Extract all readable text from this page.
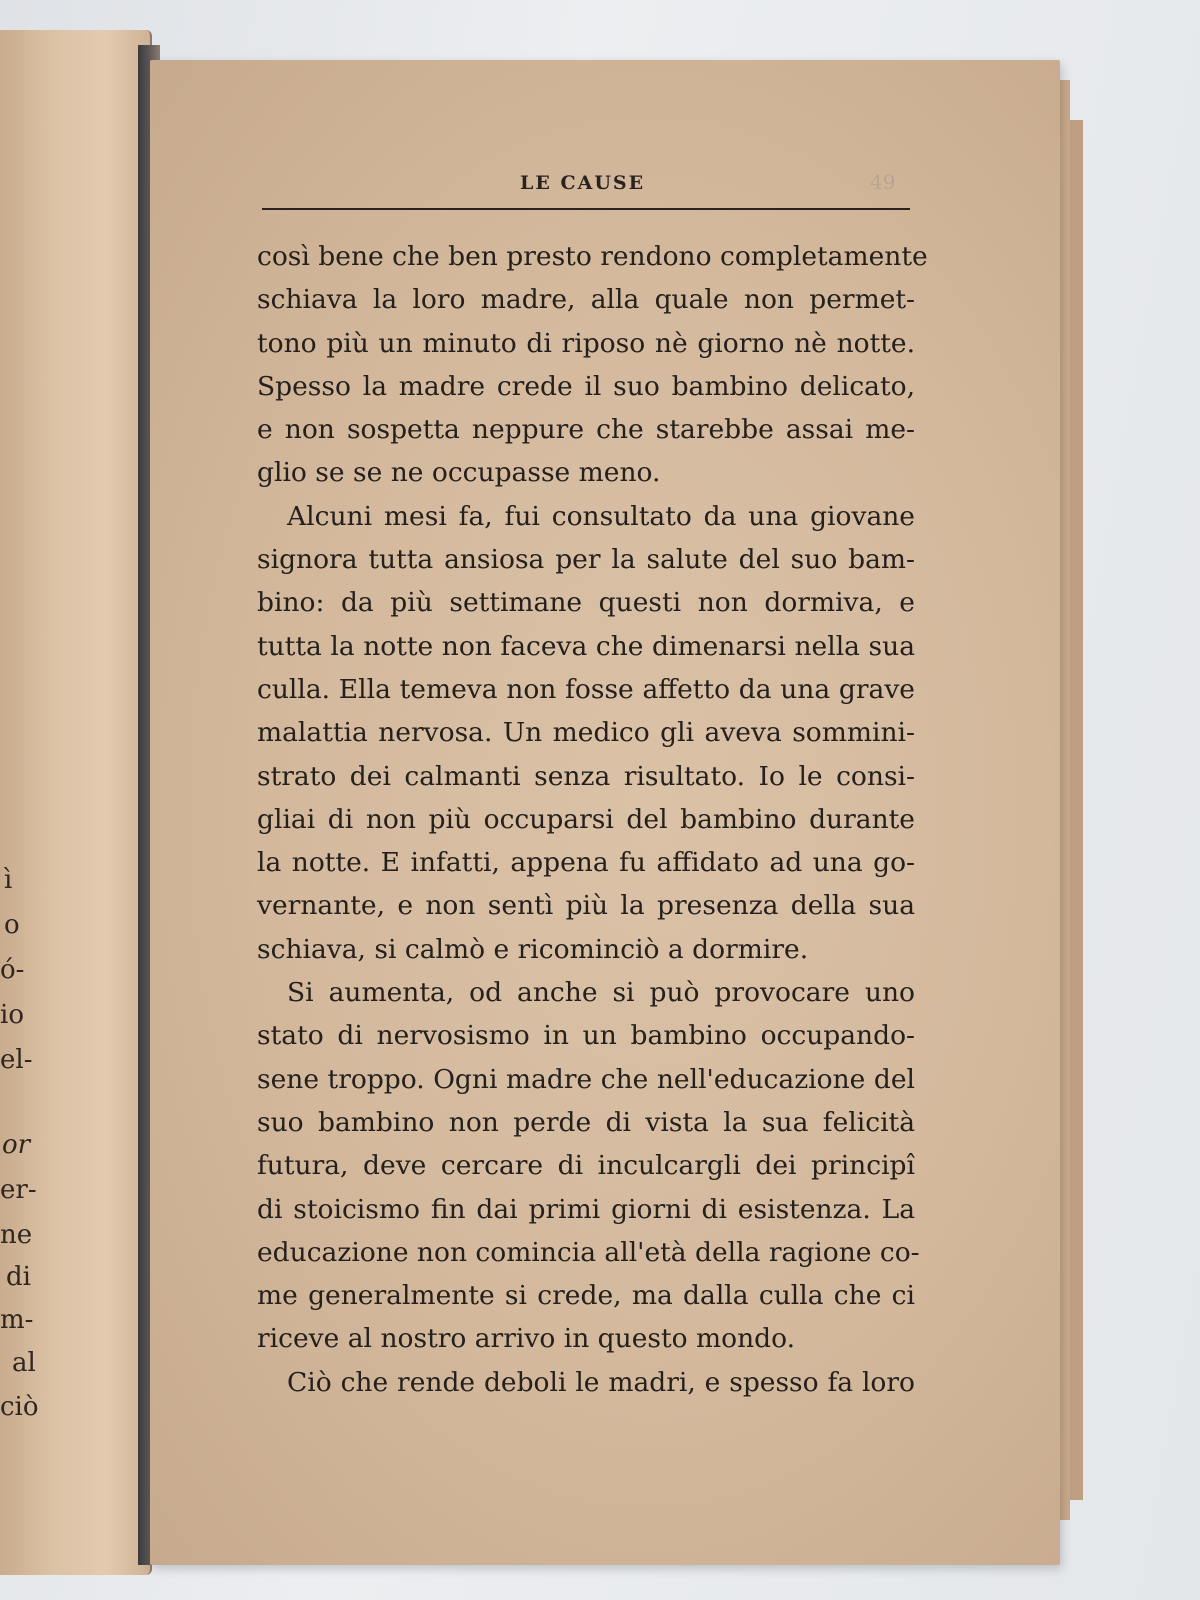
ì
o
ó-
io
el-
or
er-
ne
di
m-
al
ciò
LE CAUSE	49
così bene che ben presto rendono completamente
schiava la loro madre, alla quale non permet-
tono più un minuto di riposo nè giorno nè notte.
Spesso la madre crede il suo bambino delicato,
e non sospetta neppure che starebbe assai me-
glio se se ne occupasse meno.
Alcuni mesi fa, fui consultato da una giovane
signora tutta ansiosa per la salute del suo bam-
bino: da più settimane questi non dormiva, e
tutta la notte non faceva che dimenarsi nella sua
culla. Ella temeva non fosse affetto da una grave
malattia nervosa. Un medico gli aveva sommini-
strato dei calmanti senza risultato. Io le consi-
gliai di non più occuparsi del bambino durante
la notte. E infatti, appena fu affidato ad una go-
vernante, e non sentì più la presenza della sua
schiava, si calmò e ricominciò a dormire.
Si aumenta, od anche si può provocare uno
stato di nervosismo in un bambino occupando-
sene troppo. Ogni madre che nell'educazione del
suo bambino non perde di vista la sua felicità
futura, deve cercare di inculcargli dei principî
di stoicismo fin dai primi giorni di esistenza. La
educazione non comincia all'età della ragione co-
me generalmente si crede, ma dalla culla che ci
riceve al nostro arrivo in questo mondo.
Ciò che rende deboli le madri, e spesso fa loro
